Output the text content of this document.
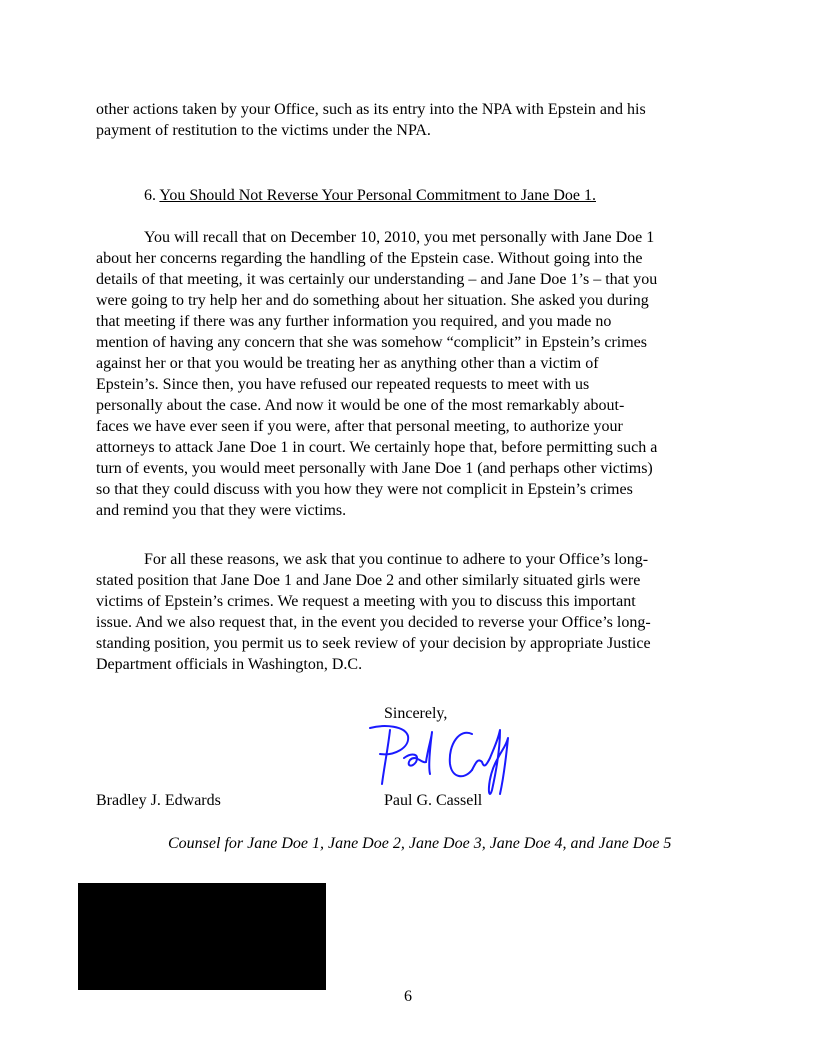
other actions taken by your Office, such as its entry into the NPA with Epstein and his
payment of restitution to the victims under the NPA.
6. You Should Not Reverse Your Personal Commitment to Jane Doe 1.
You will recall that on December 10, 2010, you met personally with Jane Doe 1
about her concerns regarding the handling of the Epstein case. Without going into the
details of that meeting, it was certainly our understanding – and Jane Doe 1’s – that you
were going to try help her and do something about her situation. She asked you during
that meeting if there was any further information you required, and you made no
mention of having any concern that she was somehow “complicit” in Epstein’s crimes
against her or that you would be treating her as anything other than a victim of
Epstein’s. Since then, you have refused our repeated requests to meet with us
personally about the case. And now it would be one of the most remarkably about-
faces we have ever seen if you were, after that personal meeting, to authorize your
attorneys to attack Jane Doe 1 in court. We certainly hope that, before permitting such a
turn of events, you would meet personally with Jane Doe 1 (and perhaps other victims)
so that they could discuss with you how they were not complicit in Epstein’s crimes
and remind you that they were victims.
For all these reasons, we ask that you continue to adhere to your Office’s long-
stated position that Jane Doe 1 and Jane Doe 2 and other similarly situated girls were
victims of Epstein’s crimes. We request a meeting with you to discuss this important
issue. And we also request that, in the event you decided to reverse your Office’s long-
standing position, you permit us to seek review of your decision by appropriate Justice
Department officials in Washington, D.C.
Sincerely,
Bradley J. Edwards	Paul G. Cassell
Counsel for Jane Doe 1, Jane Doe 2, Jane Doe 3, Jane Doe 4, and Jane Doe 5
6
